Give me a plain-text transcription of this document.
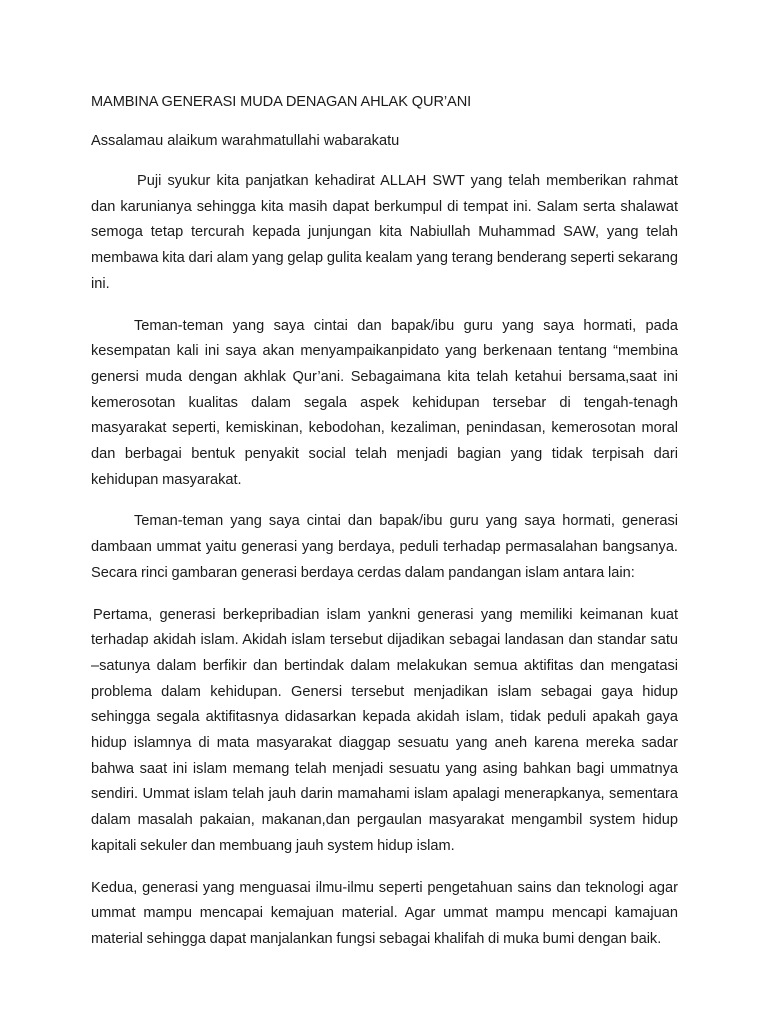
MAMBINA GENERASI MUDA DENAGAN AHLAK QUR’ANI

Assalamau alaikum warahmatullahi wabarakatu

Puji syukur kita panjatkan kehadirat ALLAH SWT yang telah memberikan rahmat dan karunianya sehingga kita masih dapat berkumpul di tempat ini. Salam serta shalawat semoga tetap tercurah kepada junjungan kita Nabiullah Muhammad SAW, yang telah membawa kita dari alam yang gelap gulita kealam yang terang benderang seperti sekarang ini.

Teman-teman yang saya cintai dan bapak/ibu guru yang saya hormati, pada kesempatan kali ini saya akan menyampaikanpidato yang berkenaan tentang “membina genersi muda dengan akhlak Qur’ani. Sebagaimana kita telah ketahui bersama,saat ini kemerosotan kualitas dalam segala aspek kehidupan tersebar di tengah-tenagh masyarakat seperti, kemiskinan, kebodohan, kezaliman, penindasan, kemerosotan moral dan berbagai bentuk penyakit social telah menjadi bagian yang tidak terpisah dari kehidupan masyarakat.

Teman-teman yang saya cintai dan bapak/ibu guru yang saya hormati, generasi dambaan ummat yaitu generasi yang berdaya, peduli terhadap permasalahan bangsanya. Secara rinci gambaran generasi berdaya cerdas dalam pandangan islam antara lain:

Pertama, generasi berkepribadian islam yankni generasi yang memiliki keimanan kuat terhadap akidah islam. Akidah islam tersebut dijadikan sebagai landasan dan standar satu –satunya dalam berfikir dan bertindak dalam melakukan semua aktifitas dan mengatasi problema dalam kehidupan. Genersi tersebut menjadikan islam sebagai gaya hidup sehingga segala aktifitasnya didasarkan kepada akidah islam, tidak peduli apakah gaya hidup islamnya di mata masyarakat diaggap sesuatu yang aneh karena mereka sadar bahwa saat ini islam memang telah menjadi sesuatu yang asing bahkan bagi ummatnya sendiri. Ummat islam telah jauh darin mamahami islam apalagi menerapkanya, sementara dalam masalah pakaian, makanan,dan pergaulan masyarakat mengambil system hidup kapitali sekuler dan membuang jauh system hidup islam.

Kedua, generasi yang menguasai ilmu-ilmu seperti pengetahuan sains dan teknologi agar ummat mampu mencapai kemajuan material. Agar ummat mampu mencapi kamajuan material sehingga dapat manjalankan fungsi sebagai khalifah di muka bumi dengan baik.
